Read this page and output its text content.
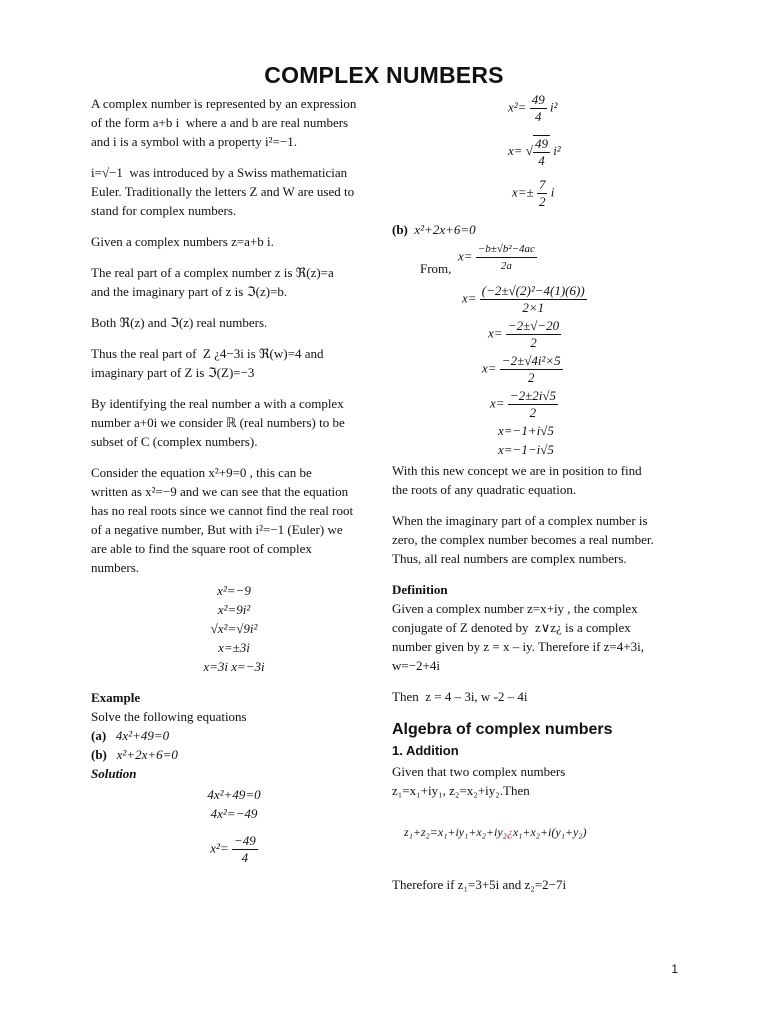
COMPLEX NUMBERS
A complex number is represented by an expression
of the form a+b i  where a and b are real numbers
and i is a symbol with a property i²=−1.
i=√−1  was introduced by a Swiss mathematician
Euler. Traditionally the letters Z and W are used to
stand for complex numbers.
Given a complex numbers z=a+b i.
The real part of a complex number z is ℜ(z)=a
and the imaginary part of z is ℑ(z)=b.
Both ℜ(z) and ℑ(z) real numbers.
Thus the real part of  Z ¿4−3i is ℜ(w)=4 and
imaginary part of Z is ℑ(Z)=−3
By identifying the real number a with a complex
number a+0i we consider ℝ (real numbers) to be
subset of C (complex numbers).
Consider the equation x²+9=0 , this can be
written as x²=−9 and we can see that the equation
has no real roots since we cannot find the real root
of a negative number, But with i²=−1 (Euler) we
are able to find the square root of complex
numbers.
x²=−9
x²=9i²
√x²=√9i²
x=±3i
x=3i x=−3i
Example
Solve the following equations
(a) 4x²+49=0
(b) x²+2x+6=0
Solution
4x²+49=0
4x²=−49
$x^2= \frac{-49}{4}$
$x^2= \frac{49}{4} i^2$
x= √ $\frac{49}{4} i^2$
$x=\pm \frac{7}{2}$ i
(b) x²+2x+6=0
From,
$x= \frac{\text{−b±√b²−4ac}}{2a}$
$x= \frac{\text{(−2±√(2)²−4(1)(6))}}{2\times 1}$
$x= \frac{-2\pm√-20}{2}$
$x= \frac{\text{−2±√4i²×5}}{2}$
$x= \frac{-2\pm 2i√5}{2}$
x=−1+i√5
x=−1−i√5
With this new concept we are in position to find
the roots of any quadratic equation.
When the imaginary part of a complex number is
zero, the complex number becomes a real number.
Thus, all real numbers are complex numbers.
Definition
Given a complex number z=x+iy , the complex
conjugate of Z denoted by  z∨z¿ is a complex
number given by z = x – iy. Therefore if z=4+3i,
w=−2+4i
Then  z = 4 – 3i, w -2 – 4i
Algebra of complex numbers
1. Addition
Given that two complex numbers
z₁=x₁+iy₁, z₂=x₂+iy₂.Then

z₁+z₂=x₁+iy₁+x₂+iy₂¿x₁+x₂+i(y₁+y₂)

Therefore if z₁=3+5i and z₂=2−7i
1
